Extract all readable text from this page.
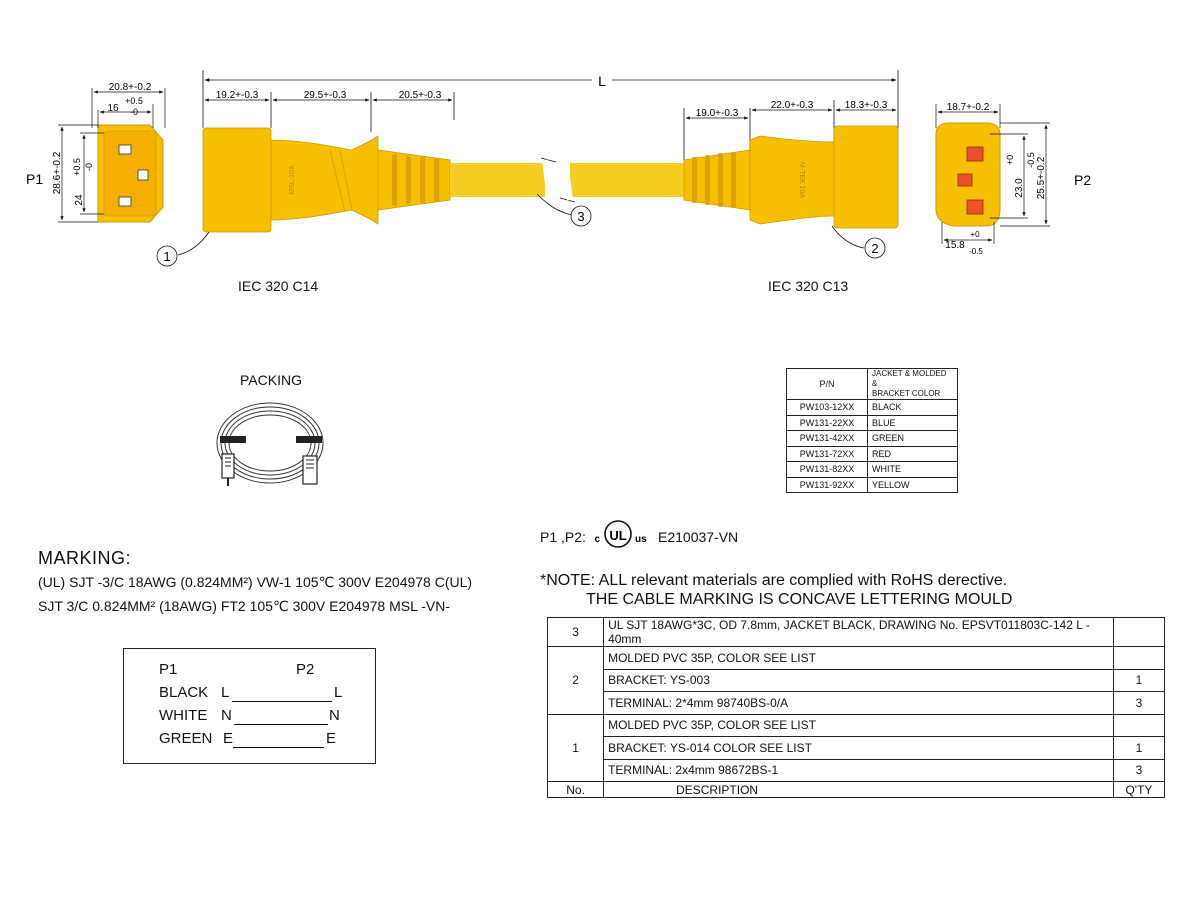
L
19.2+-0.3	29.5+-0.3	20.5+-0.3
19.0+-0.3
22.0+-0.3	18.3+-0.3
MSL-10A	M-TEK 10A
20.8+-0.2
16
+0.5
-0
28.6+-0.2
24
+0.5 -0
P1
18.7+-0.2
15.8
+0
-0.5
25.5+-0.2
23.0
+0 -0.5
P2
1
2
3
UL
c	us
IEC 320 C14	IEC 320 C13
PACKING	P/N	JACKET & MOLDED &
BRACKET COLOR

PW103-12XX	BLACK
PW131-22XX	BLUE
PW131-42XX	GREEN
PW131-72XX	RED
PW131-82XX	WHITE
PW131-92XX	YELLOW
P1 ,P2:	E210037-VN
MARKING:
(UL) SJT -3/C 18AWG (0.824MM²) VW-1 105℃ 300V E204978 C(UL)
SJT 3/C 0.824MM² (18AWG) FT2 105℃ 300V E204978 MSL -VN-
*NOTE: ALL relevant materials are complied with RoHS derective.
THE CABLE MARKING IS CONCAVE LETTERING MOULD
P1	P2
BLACK L	L
WHITE N	N
GREEN E	E
3	UL SJT 18AWG*3C, OD 7.8mm, JACKET BLACK, DRAWING No. EPSVT011803C-142 L - 40mm	
2	MOLDED PVC 35P, COLOR SEE LIST	
	BRACKET: YS-003	1
	TERMINAL: 2*4mm 98740BS-0/A	3
1	MOLDED PVC 35P, COLOR SEE LIST	
	BRACKET: YS-014 COLOR SEE LIST	1
	TERMINAL: 2x4mm 98672BS-1	3
No.	DESCRIPTION	Q'TY
